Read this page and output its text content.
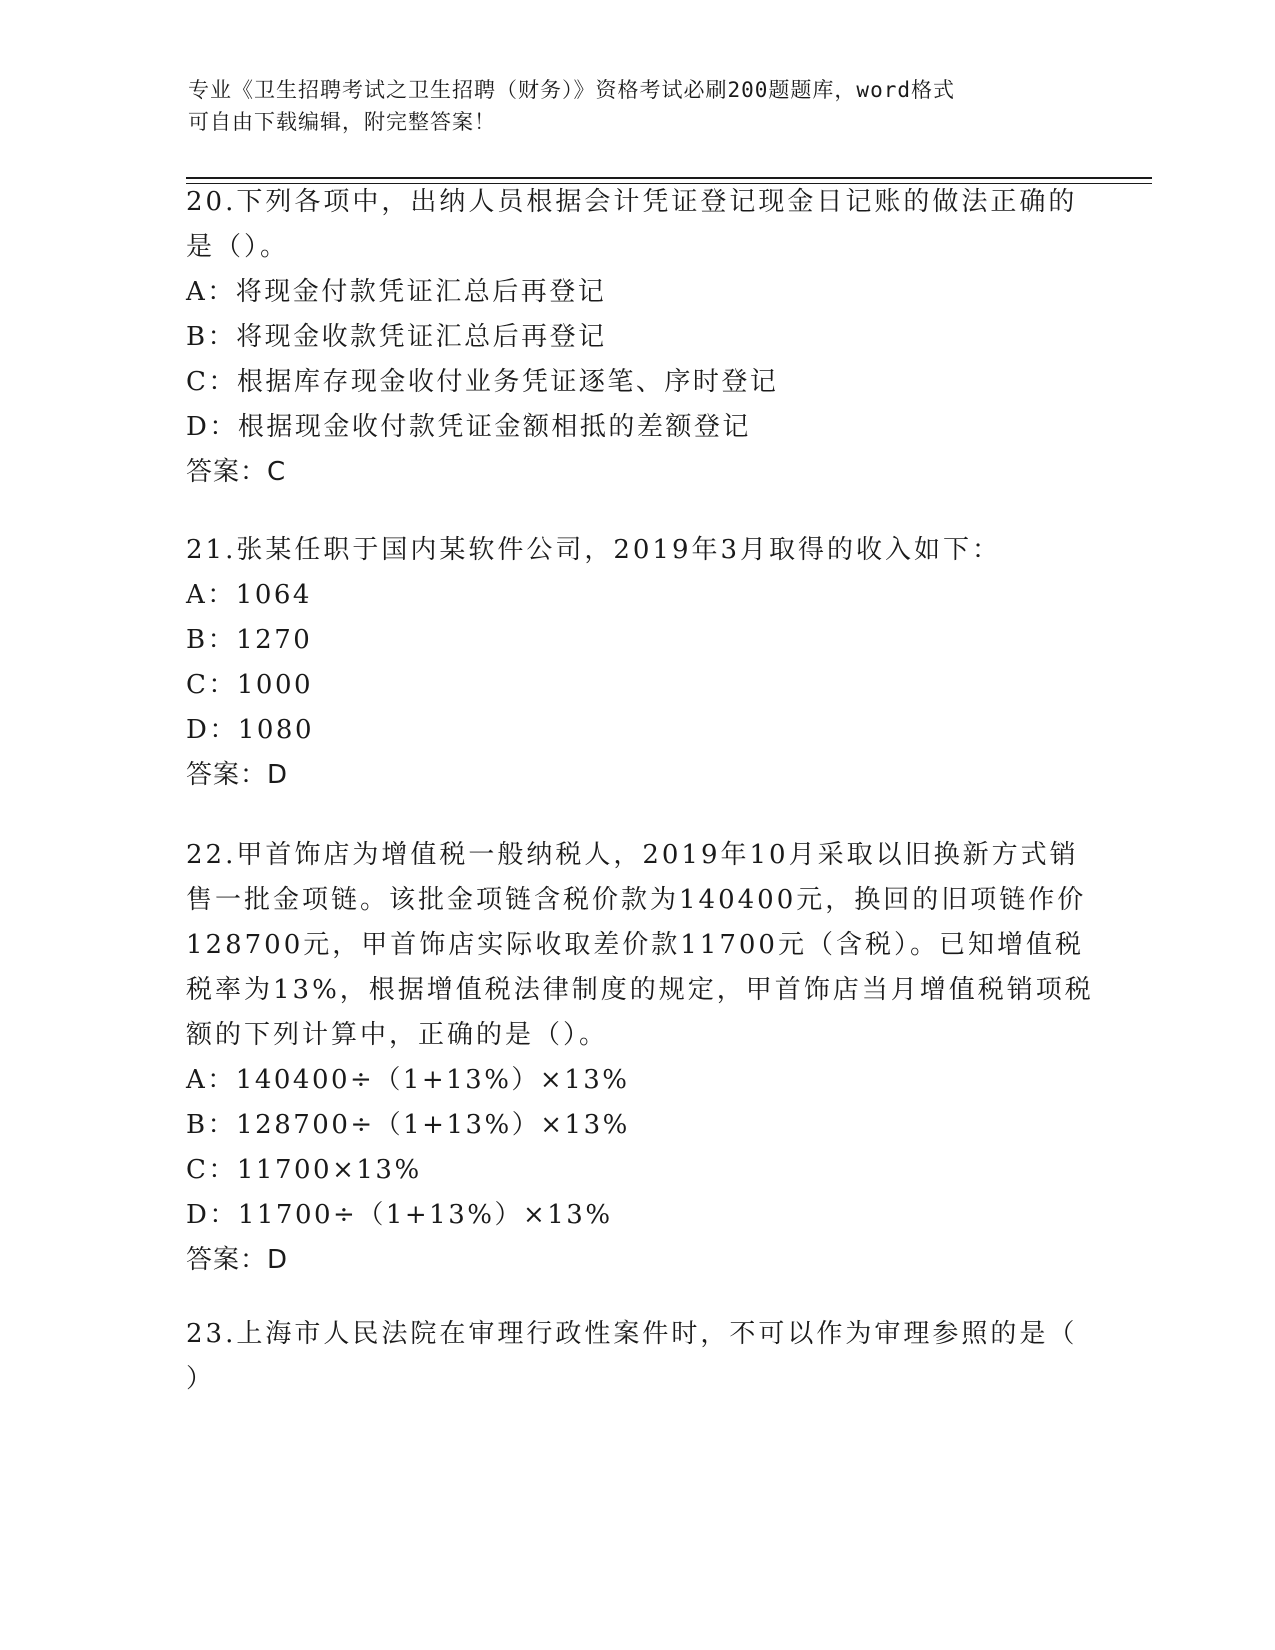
专业《卫生招聘考试之卫生招聘（财务）》资格考试必刷200题题库，word格式
可自由下载编辑，附完整答案！
20.下列各项中，出纳人员根据会计凭证登记现金日记账的做法正确的
是（）。
A：将现金付款凭证汇总后再登记
B：将现金收款凭证汇总后再登记
C：根据库存现金收付业务凭证逐笔、序时登记
D：根据现金收付款凭证金额相抵的差额登记
答案：C
21.张某任职于国内某软件公司，2019年3月取得的收入如下：
A：1064
B：1270
C：1000
D：1080
答案：D
22.甲首饰店为增值税一般纳税人，2019年10月采取以旧换新方式销
售一批金项链。该批金项链含税价款为140400元，换回的旧项链作价
128700元，甲首饰店实际收取差价款11700元（含税）。已知增值税
税率为13%，根据增值税法律制度的规定，甲首饰店当月增值税销项税
额的下列计算中，正确的是（）。
A：140400÷（1+13%）×13%
B：128700÷（1+13%）×13%
C：11700×13%
D：11700÷（1+13%）×13%
答案：D
23.上海市人民法院在审理行政性案件时，不可以作为审理参照的是（
）
